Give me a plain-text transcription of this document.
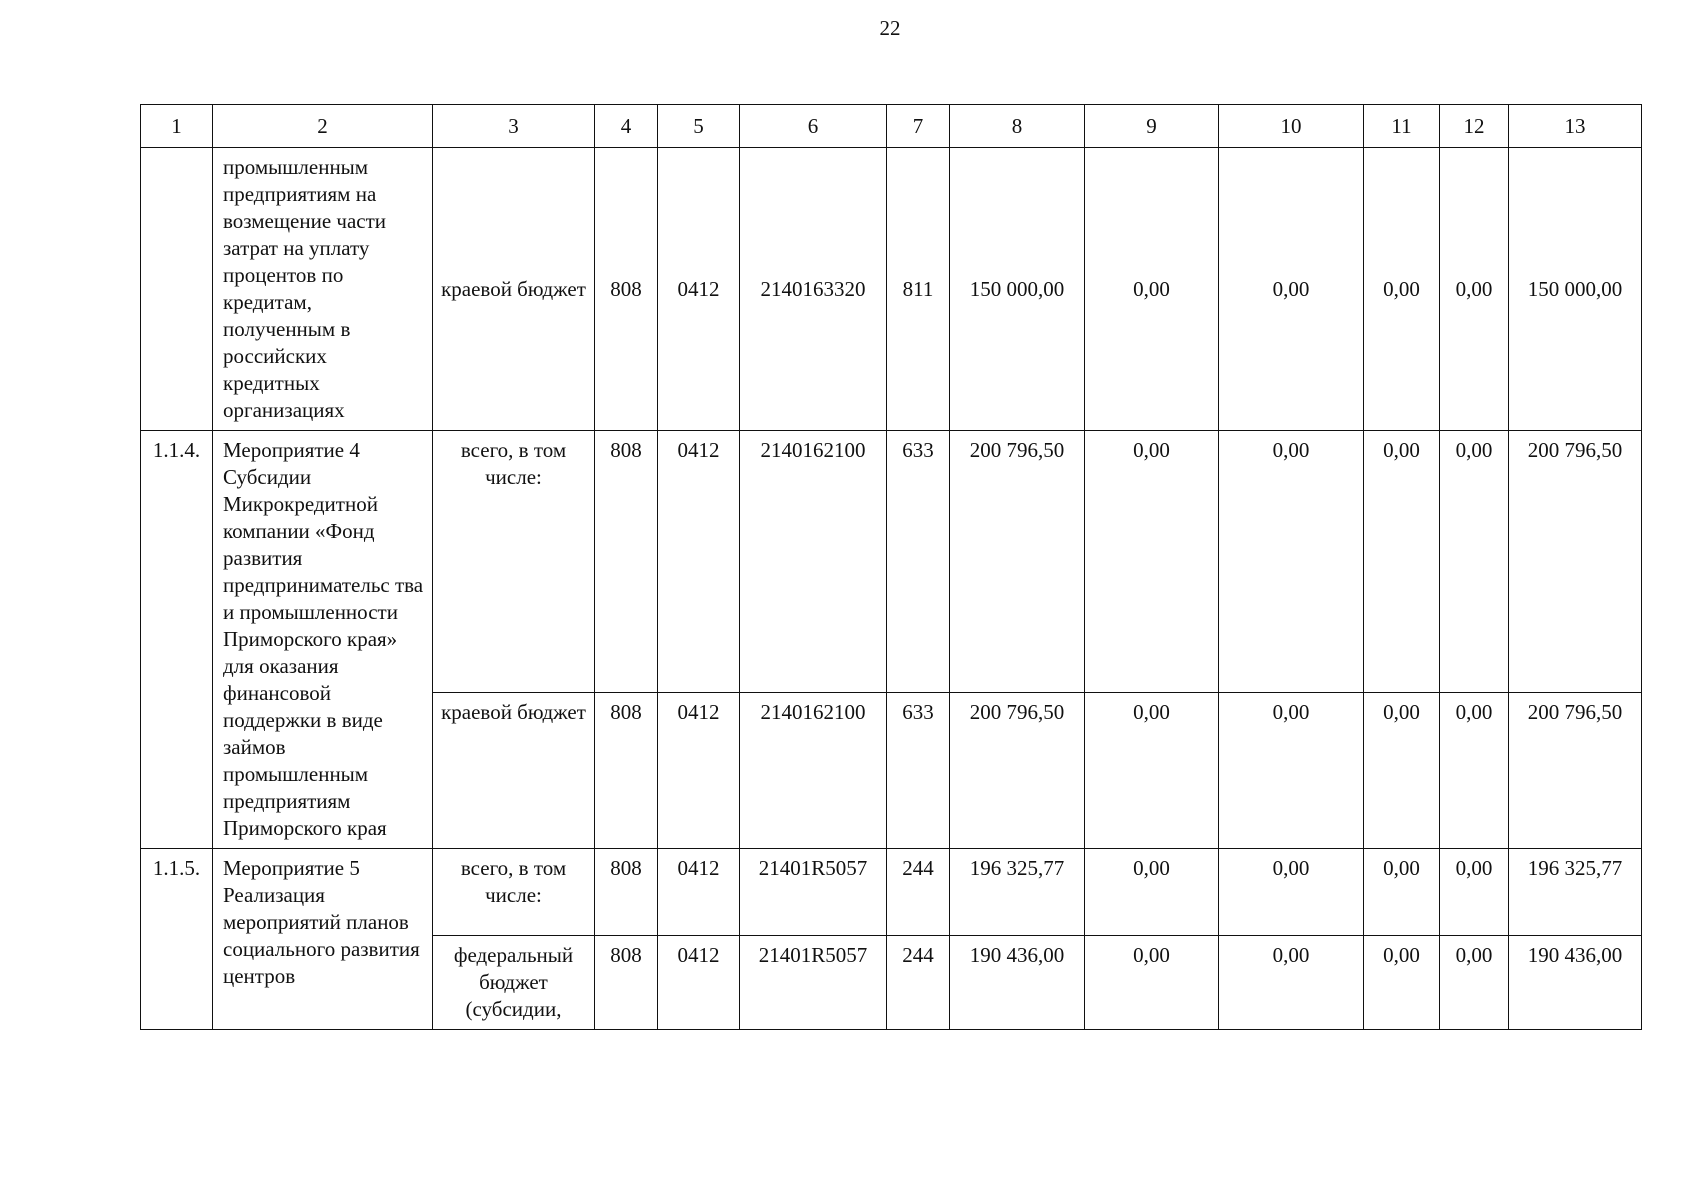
22
1	2	3	4	5	6	7	8	9	10	11	12	13
	промышленным предприятиям на возмещение части затрат на уплату процентов по кредитам, полученным в российских кредитных организациях	краевой бюджет	808	0412	2140163320	811	150 000,00	0,00	0,00	0,00	0,00	150 000,00
1.1.4.	Мероприятие 4 Субсидии Микрокредитной компании «Фонд развития предпринимательс тва и промышленности Приморского края» для оказания финансовой поддержки в виде займов промышленным предприятиям Приморского края	всего, в том числе:	808	0412	2140162100	633	200 796,50	0,00	0,00	0,00	0,00	200 796,50
		краевой бюджет	808	0412	2140162100	633	200 796,50	0,00	0,00	0,00	0,00	200 796,50
1.1.5.	Мероприятие 5 Реализация мероприятий планов социального развития центров	всего, в том числе:	808	0412	21401R5057	244	196 325,77	0,00	0,00	0,00	0,00	196 325,77
		федеральный бюджет (субсидии,	808	0412	21401R5057	244	190 436,00	0,00	0,00	0,00	0,00	190 436,00
